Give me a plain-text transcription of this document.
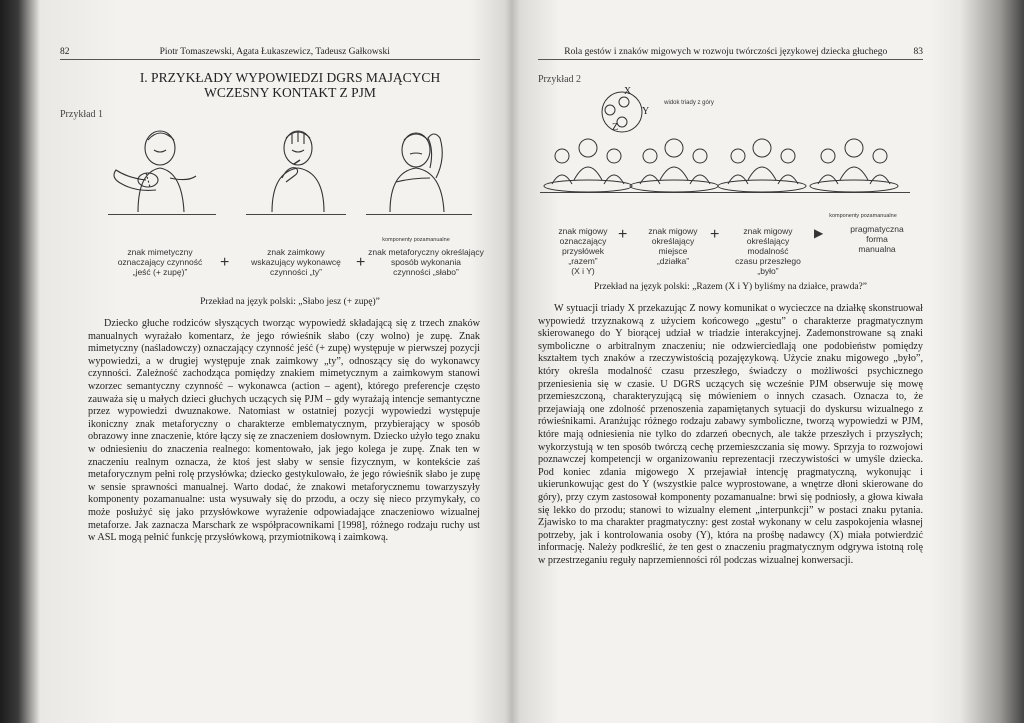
82	Piotr Tomaszewski, Agata Łukaszewicz, Tadeusz Gałkowski
I. PRZYKŁADY WYPOWIEDZI DGRS MAJĄCYCH
WCZESNY KONTAKT Z PJM
Przykład 1
komponenty pozamanualne
znak mimetyczny
oznaczający czynność
„jeść (+ zupę)”
+
znak zaimkowy
wskazujący wykonawcę
czynności „ty”
+
znak metaforyczny określający
sposób wykonania
czynności „słabo”
Przekład na język polski: „Słabo jesz (+ zupę)”

Dziecko głuche rodziców słyszących tworząc wypowiedź składającą się z trzech znaków manualnych wyrażało komentarz, że jego rówieśnik słabo (czy wolno) je zupę. Znak mimetyczny (naśladowczy) oznaczający czynność jeść (+ zupę) występuje w pierwszej pozycji wypowiedzi, a w drugiej występuje znak zaimkowy „ty”, odnoszący się do wykonawcy czynności. Zależność zachodząca pomiędzy znakiem mimetycznym a zaimkowym stanowi wzorzec semantyczny czynność – wykonawca (action – agent), którego preferencje często zauważa się u małych dzieci głuchych uczących się PJM – gdy wyrażają intencje semantyczne przez wypowiedzi dwuznakowe. Natomiast w ostatniej pozycji wypowiedzi występuje ikoniczny znak metaforyczny o charakterze emblematycznym, przybierający w sposób obrazowy inne znaczenie, które łączy się ze znaczeniem dosłownym. Dziecko użyło tego znaku w odniesieniu do znaczenia realnego: komentowało, jak jego kolega je zupę. Znak ten w znaczeniu realnym oznacza, że ktoś jest słaby w sensie fizycznym, w kontekście zaś metaforycznym pełni rolę przysłówka; dziecko gestykulowało, że jego rówieśnik słabo je zupę w sensie sprawności manualnej. Warto dodać, że znakowi metaforycznemu towarzyszyły komponenty pozamanualne: usta wysuwały się do przodu, a oczy się nieco przymykały, co może posłużyć się jako przysłówkowe wyrażenie odpowiadające znaczeniowo wizualnej metaforze. Jak zaznacza Marschark ze współpracownikami [1998], różnego rodzaju ruchy ust w ASL mogą pełnić funkcję przysłówkową, przymiotnikową i zaimkową.

Rola gestów i znaków migowych w rozwoju twórczości językowej dziecka głuchego	83
Przykład 2
X
Y
Z
widok triady z góry
komponenty pozamanualne
znak migowy
oznaczający
przysłówek
„razem”
(X i Y)
+	znak migowy
określający
miejsce
„działka”
+	znak migowy
określający
modalność
czasu przeszłego
„było”
▶	pragmatyczna
forma
manualna
Przekład na język polski: „Razem (X i Y) byliśmy na działce, prawda?”

W sytuacji triady X przekazując Z nowy komunikat o wycieczce na działkę skonstruował wypowiedź trzyznakową z użyciem końcowego „gestu” o charakterze pragmatycznym skierowanego do Y biorącej udział w triadzie interakcyjnej. Zademonstrowane są znaki symboliczne o arbitralnym znaczeniu; nie odzwierciedlają one podobieństw pomiędzy kształtem tych znaków a rzeczywistością pozajęzykową. Użycie znaku migowego „było”, który określa modalność czasu przeszłego, świadczy o możliwości psychicznego przeniesienia się w czasie. U DGRS uczących się wcześnie PJM obserwuje się mowę przemieszczoną, charakteryzującą się mówieniem o innych czasach. Oznacza to, że przejawiają one zdolność przenoszenia zapamiętanych sytuacji do dyskursu wizualnego z rówieśnikami. Aranżując różnego rodzaju zabawy symboliczne, tworzą wypowiedzi w PJM, które mają odniesienia nie tylko do zdarzeń obecnych, ale także przeszłych i przyszłych; wykorzystują w ten sposób twórczą cechę przemieszczania się mowy. Sprzyja to rozwojowi poznawczej kompetencji w organizowaniu reprezentacji rzeczywistości w umyśle dziecka. Pod koniec zdania migowego X przejawiał intencję pragmatyczną, wykonując i ukierunkowując gest do Y (wszystkie palce wyprostowane, a wnętrze dłoni skierowane do góry), przy czym zastosował komponenty pozamanualne: brwi się podniosły, a głowa kiwała się lekko do przodu; stanowi to wizualny element „interpunkcji” w postaci znaku pytania. Zjawisko to ma charakter pragmatyczny: gest został wykonany w celu zaspokojenia własnej potrzeby, jak i kontrolowania osoby (Y), która na prośbę nadawcy (X) miała potwierdzić informację. Należy podkreślić, że ten gest o znaczeniu pragmatycznym odgrywa istotną rolę w przestrzeganiu reguły naprzemienności ról podczas wizualnej konwersacji.
